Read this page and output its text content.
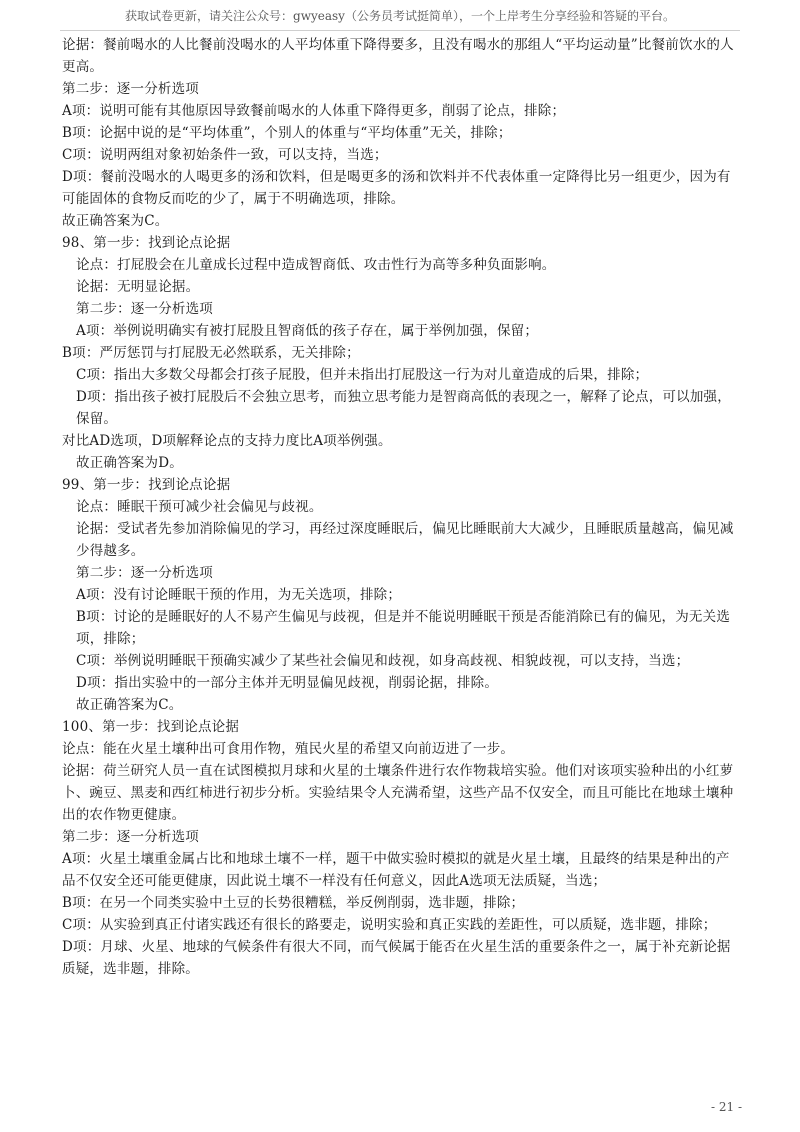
获取试卷更新，请关注公众号：gwyeasy（公务员考试挺简单），一个上岸考生分享经验和答疑的平台。

论据：餐前喝水的人比餐前没喝水的人平均体重下降得要多，且没有喝水的那组人“平均运动量”比餐前饮水的人更高。

第二步：逐一分析选项

A项：说明可能有其他原因导致餐前喝水的人体重下降得更多，削弱了论点，排除；

B项：论据中说的是“平均体重”，个别人的体重与“平均体重”无关，排除；

C项：说明两组对象初始条件一致，可以支持，当选；

D项：餐前没喝水的人喝更多的汤和饮料，但是喝更多的汤和饮料并不代表体重一定降得比另一组更少，因为有可能固体的食物反而吃的少了，属于不明确选项，排除。

故正确答案为C。

98、第一步：找到论点论据

论点：打屁股会在儿童成长过程中造成智商低、攻击性行为高等多种负面影响。

论据：无明显论据。

第二步：逐一分析选项

A项：举例说明确实有被打屁股且智商低的孩子存在，属于举例加强，保留；

B项：严厉惩罚与打屁股无必然联系，无关排除；

C项：指出大多数父母都会打孩子屁股，但并未指出打屁股这一行为对儿童造成的后果，排除；

D项：指出孩子被打屁股后不会独立思考，而独立思考能力是智商高低的表现之一，解释了论点，可以加强，保留。

对比AD选项，D项解释论点的支持力度比A项举例强。

故正确答案为D。

99、第一步：找到论点论据

论点：睡眠干预可减少社会偏见与歧视。

论据：受试者先参加消除偏见的学习，再经过深度睡眠后，偏见比睡眠前大大减少，且睡眠质量越高，偏见减少得越多。

第二步：逐一分析选项

A项：没有讨论睡眠干预的作用，为无关选项，排除；

B项：讨论的是睡眠好的人不易产生偏见与歧视，但是并不能说明睡眠干预是否能消除已有的偏见，为无关选项，排除；

C项：举例说明睡眠干预确实减少了某些社会偏见和歧视，如身高歧视、相貌歧视，可以支持，当选；

D项：指出实验中的一部分主体并无明显偏见歧视，削弱论据，排除。

故正确答案为C。

100、第一步：找到论点论据

论点：能在火星土壤种出可食用作物，殖民火星的希望又向前迈进了一步。

论据：荷兰研究人员一直在试图模拟月球和火星的土壤条件进行农作物栽培实验。他们对该项实验种出的小红萝卜、豌豆、黑麦和西红柿进行初步分析。实验结果令人充满希望，这些产品不仅安全，而且可能比在地球土壤种出的农作物更健康。

第二步：逐一分析选项

A项：火星土壤重金属占比和地球土壤不一样，题干中做实验时模拟的就是火星土壤，且最终的结果是种出的产品不仅安全还可能更健康，因此说土壤不一样没有任何意义，因此A选项无法质疑，当选；

B项：在另一个同类实验中土豆的长势很糟糕，举反例削弱，选非题，排除；

C项：从实验到真正付诸实践还有很长的路要走，说明实验和真正实践的差距性，可以质疑，选非题，排除；

D项：月球、火星、地球的气候条件有很大不同，而气候属于能否在火星生活的重要条件之一，属于补充新论据质疑，选非题，排除。

- 21 -
